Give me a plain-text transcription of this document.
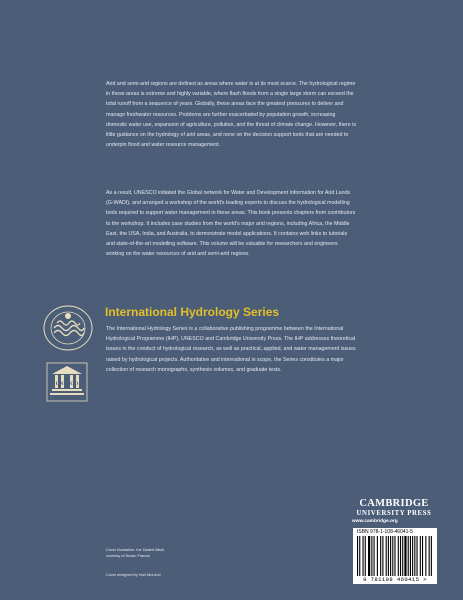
Arid and semi-arid regions are defined as areas where water is at its most scarce. The hydrological regime in these areas is extreme and highly variable, where flash floods from a single large storm can exceed the total runoff from a sequence of years. Globally, these areas face the greatest pressures to deliver and manage freshwater resources. Problems are further exacerbated by population growth, increasing domestic water use, expansion of agriculture, pollution, and the threat of climate change. However, there is little guidance on the hydrology of arid areas, and none on the decision support tools that are needed to underpin flood and water resource management.

As a result, UNESCO initiated the Global network for Water and Development Information for Arid Lands (G-WADI), and arranged a workshop of the world's leading experts to discuss the hydrological modelling tools required to support water management in these areas. This book presents chapters from contributors to the workshop. It includes case studies from the world's major arid regions, including Africa, the Middle East, the USA, India, and Australia, to demonstrate model applications. It contains web links to tutorials and state-of-the-art modelling software. This volume will be valuable for researchers and engineers working on the water resources of arid and semi-arid regions.

UNESCO
International Hydrology Series

The International Hydrology Series is a collaborative publishing programme between the International Hydrological Programme (IHP), UNESCO and Cambridge University Press. The IHP addresses theoretical issues in the conduct of hydrological research, as well as practical, applied, and water management issues raised by hydrological projects. Authoritative and international in scope, the Series constitutes a major collection of research monographs, synthesis volumes, and graduate texts.

Cover illustration: the Daded Wadi,

courtesy of Susan Francis

Cover designed by Hart McLeod

CAMBRIDGE

UNIVERSITY PRESS

www.cambridge.org

ISBN 978-1-108-46041-5
9 781108 460415 >
